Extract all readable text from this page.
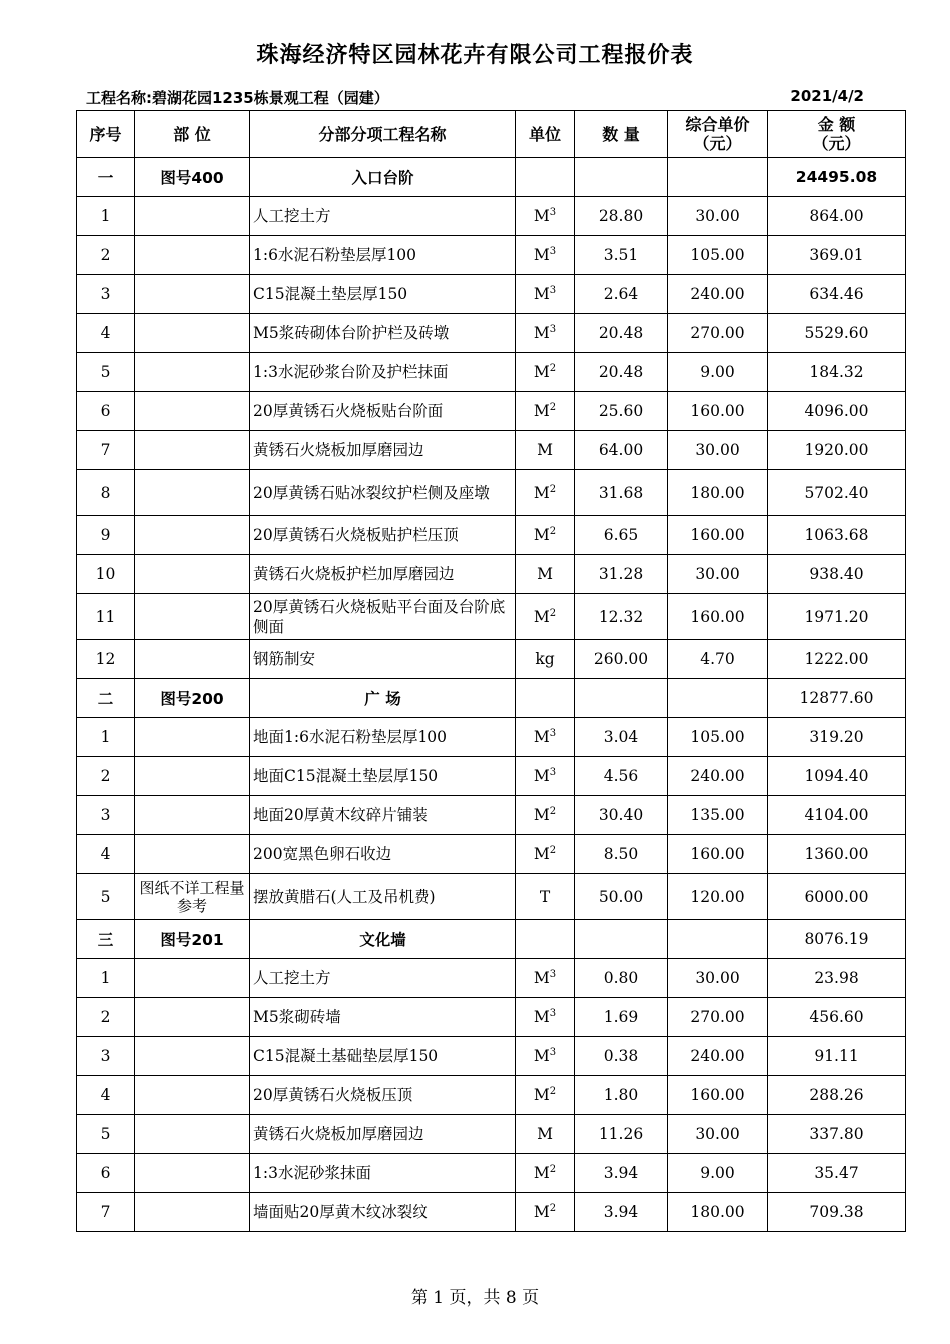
珠海经济特区园林花卉有限公司工程报价表
工程名称:碧湖花园1235栋景观工程（园建）	2021/4/2
序号	部 位	分部分项工程名称	单位	数 量	综合单价（元）	金 额（元）
一	图号400	入口台阶				24495.08
1		人工挖土方	$M^3$	28.80	30.00	864.00
2		1:6水泥石粉垫层厚100	$M^3$	3.51	105.00	369.01
3		C15混凝土垫层厚150	$M^3$	2.64	240.00	634.46
4		M5浆砖砌体台阶护栏及砖墩	$M^3$	20.48	270.00	5529.60
5		1:3水泥砂浆台阶及护栏抹面	$M^2$	20.48	9.00	184.32
6		20厚黄锈石火烧板贴台阶面	$M^2$	25.60	160.00	4096.00
7		黄锈石火烧板加厚磨园边	M	64.00	30.00	1920.00
8		20厚黄锈石贴冰裂纹护栏侧及座墩	$M^2$	31.68	180.00	5702.40
9		20厚黄锈石火烧板贴护栏压顶	$M^2$	6.65	160.00	1063.68
10		黄锈石火烧板护栏加厚磨园边	M	31.28	30.00	938.40
11		20厚黄锈石火烧板贴平台面及台阶底侧面	$M^2$	12.32	160.00	1971.20
12		钢筋制安	kg	260.00	4.70	1222.00
二	图号200	广 场				12877.60
1		地面1:6水泥石粉垫层厚100	$M^3$	3.04	105.00	319.20
2		地面C15混凝土垫层厚150	$M^3$	4.56	240.00	1094.40
3		地面20厚黄木纹碎片铺装	$M^2$	30.40	135.00	4104.00
4		200宽黑色卵石收边	$M^2$	8.50	160.00	1360.00
5	图纸不详工程量参考	摆放黄腊石(人工及吊机费)	T	50.00	120.00	6000.00
三	图号201	文化墙				8076.19
1		人工挖土方	$M^3$	0.80	30.00	23.98
2		M5浆砌砖墙	$M^3$	1.69	270.00	456.60
3		C15混凝土基础垫层厚150	$M^3$	0.38	240.00	91.11
4		20厚黄锈石火烧板压顶	$M^2$	1.80	160.00	288.26
5		黄锈石火烧板加厚磨园边	M	11.26	30.00	337.80
6		1:3水泥砂浆抹面	$M^2$	3.94	9.00	35.47
7		墙面贴20厚黄木纹冰裂纹	$M^2$	3.94	180.00	709.38
第 1 页，共 8 页
